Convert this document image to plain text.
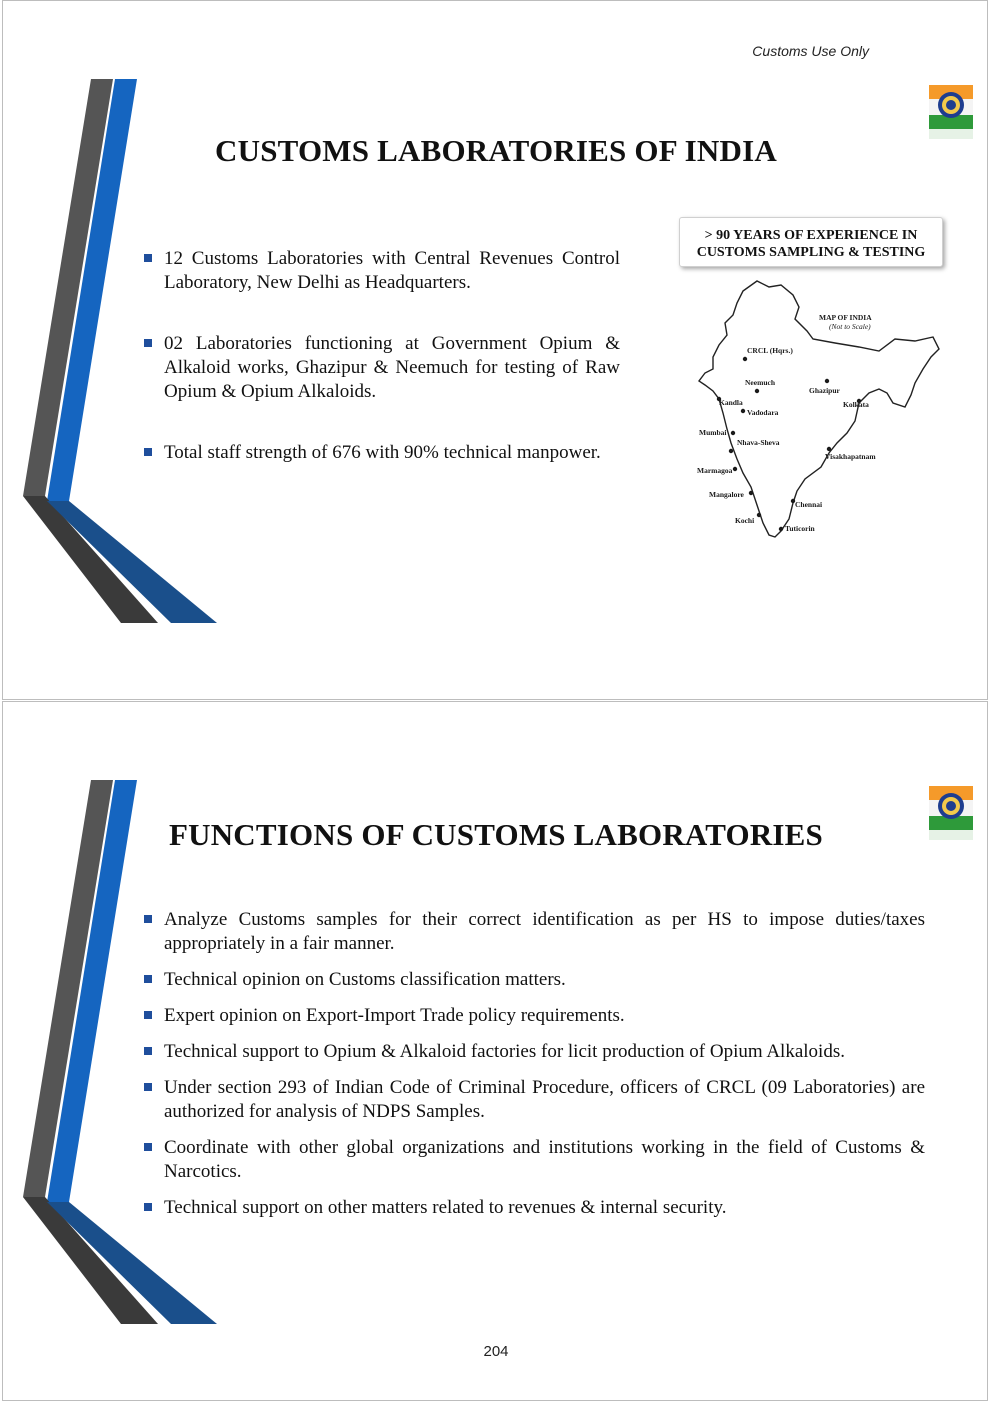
Customs Use Only
CUSTOMS LABORATORIES OF INDIA
12 Customs Laboratories with Central Revenues Control Laboratory, New Delhi as Headquarters.
02 Laboratories functioning at Government Opium & Alkaloid works, Ghazipur & Neemuch for testing of Raw Opium & Opium Alkaloids.
Total staff strength of 676 with 90% technical manpower.
> 90 YEARS OF EXPERIENCE IN
CUSTOMS SAMPLING & TESTING
MAP OF INDIA
(Not to Scale)
CRCL (Hqrs.)
Neemuch
Ghazipur
Kandla
Vadodara
Kolkata
Mumbai
Nhava-Sheva
Visakhapatnam
Marmagoa
Mangalore
Chennai
Kochi
Tuticorin
FUNCTIONS OF CUSTOMS LABORATORIES
Analyze Customs samples for their correct identification as per HS to impose duties/taxes appropriately in a fair manner.
Technical opinion on Customs classification matters.
Expert opinion on Export-Import Trade policy requirements.
Technical support to Opium & Alkaloid factories for licit production of Opium Alkaloids.
Under section 293 of Indian Code of Criminal Procedure, officers of CRCL (09 Laboratories) are authorized for analysis of NDPS Samples.
Coordinate with other global organizations and institutions working in the field of Customs & Narcotics.
Technical support on other matters related to revenues & internal security.
204
